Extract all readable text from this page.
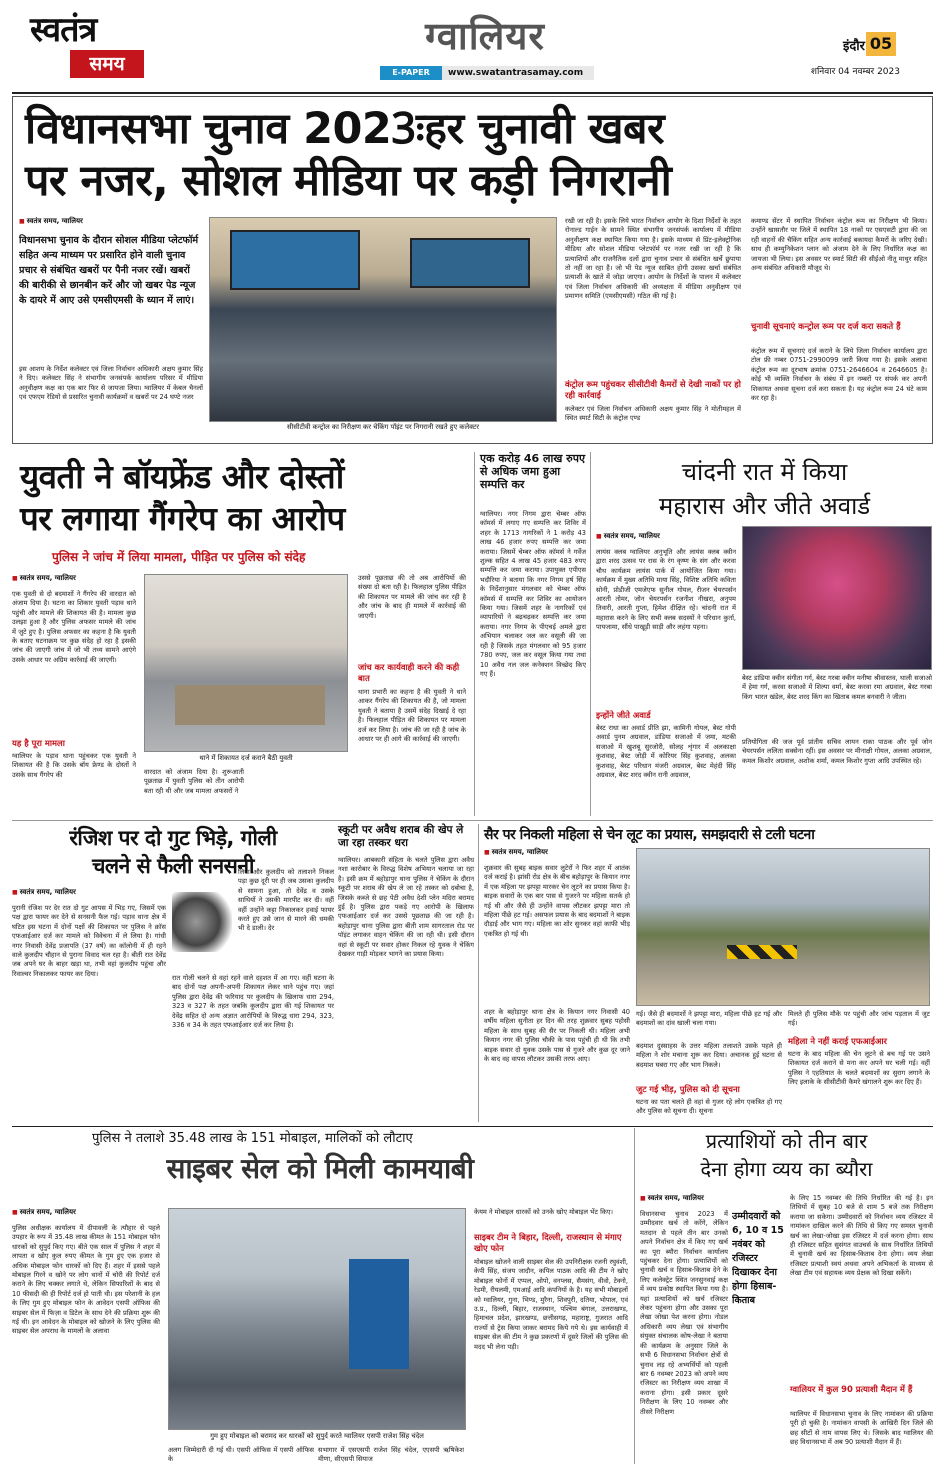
स्वतंत्र
समय
ग्वालियर
E-PAPER	www.swatantrasamay.com
इंदौर 05
शनिवार 04 नवम्बर 2023
विधानसभा चुनाव 2023ःहर चुनावी खबर
पर नजर, सोशल मीडिया पर कड़ी निगरानी
■ स्वतंत्र समय, ग्वालियर
विधानसभा चुनाव के दौरान सोशल मीडिया प्लेटफॉर्म सहित अन्य माध्यम पर प्रसारित होने वाली चुनाव प्रचार से संबंधित खबरों पर पैनी नजर रखें। खबरों की बारीकी से छानबीन करें और जो खबर पेड न्यूज के दायरे में आए उसे एमसीएमसी के ध्यान में लाएं।
इस आशय के निर्देश कलेक्टर एवं जिला निर्वाचन अधिकारी अक्षय कुमार सिंह ने दिए। कलेक्टर सिंह ने संभागीय जनसंपर्क कार्यालय परिसर में मीडिया अनुवीक्षण कक्ष का एक बार फिर से जायजा लिया। ग्वालियर में केबल चैनलों एवं एफएम रेडियो से प्रसारित चुनावी कार्यक्रमों व खबरों पर 24 घण्टे नजर
सीसीटीवी कन्ट्रोल का निरीक्षण कर चेकिंग पॉइंट पर निगरानी रखते हुए कलेक्टर
रखी जा रही है। इसके लिये भारत निर्वाचन आयोग के दिशा निर्देशों के तहत रोनाल्ड गाईन के सामने स्थित संभागीय जनसंपर्क कार्यालय में मीडिया अनुवीक्षण कक्ष स्थापित किया गया है। इसके माध्यम से प्रिंट-इलेक्ट्रोनिक मीडिया और सोशल मीडिया प्लेटफॉर्म पर नजर रखी जा रही है कि प्रत्याशियों और राजनैतिक दलों द्वारा चुनाव प्रचार से संबंधित खर्चे छुपाया तो नहीं जा रहा है। जो भी पेड न्यूज साबित होगी उसका खर्चा संबंधित प्रत्याशी के खाते में जोड़ा जाएगा। आयोग के निर्देशों के पालन में कलेक्टर एवं जिला निर्वाचन अधिकारी की अध्यक्षता में मीडिया अनुवीक्षण एवं प्रमाणन समिति (एमसीएमसी) गठित की गई है।
कंट्रोल रूम पहुंचकर सीसीटीवी कैमरों से देखी नाकों पर हो रही कार्रवाई
कलेक्टर एवं जिला निर्वाचन अधिकारी अक्षय कुमार सिंह ने मोतीमहल में स्थित स्मार्ट सिटी के कंट्रोल एण्ड
कमाण्ड सेंटर में स्थापित निर्वाचन कंट्रोल रूम का निरीक्षण भी किया। उन्होंने खासतौर पर जिले में स्थापित 18 नाकों पर एसएसटी द्वारा की जा रही वाहनों की चैकिंग सहित अन्य कार्रवाई बकायदा कैमरों के जरिए देखी। साथ ही कम्युनिकेशन प्लान को अंजाम देने के लिए निर्धारित कक्ष का जायजा भी लिया। इस अवसर पर स्मार्ट सिटी की सीईओ नीतू माथुर सहित अन्य संबंधित अधिकारी मौजूद थे।
चुनावी सूचनाएं कन्ट्रोल रूम पर दर्ज करा सकते हैं
कंट्रोल रूम में सूचनाएं दर्ज कराने के लिये जिला निर्वाचन कार्यालय द्वारा टोल फ्री नम्बर 0751-2990099 जारी किया गया है। इसके अलावा कंट्रोल रूम का दूरभाष क्रमांक 0751-2646604 व 2646605 है। कोई भी व्यक्ति निर्वाचन के संबंध में इन नम्बरों पर संपर्क कर अपनी शिकायत अथवा सूचना दर्ज करा सकता है। यह कंट्रोल रूम 24 घंटे काम कर रहा है।
युवती ने बॉयफ्रेंड और दोस्तों
पर लगाया गैंगरेप का आरोप
पुलिस ने जांच में लिया मामला, पीड़ित पर पुलिस को संदेह
■ स्वतंत्र समय, ग्वालियर
एक युवती से दो बदमाशों ने गैंगरेप की वारदात को अंजाम दिया है। घटना का शिकार युवती पड़ाव थाने पहुंची और मामले की शिकायत की है। मामला कुछ उलझा हुआ है और पुलिस अफसर मामले की जांच में जुटे हुए है। पुलिस अफसर का कहना है कि युवती के बताए घटनाक्रम पर कुछ संदेह हो रहा है इसकी जांच की जाएगी जांच में जो भी तथ्य सामने आएंगे उसके आधार पर अग्रिम कार्रवाई की जाएगी।
यह है पूरा मामला
ग्वालियर के पड़ाव थाना पहुंचकर एक युवती ने शिकायत की है कि उसके बॉय फ्रेण्ड के दोस्तों ने उसके साथ गैंगरेप की
थाने में शिकायत दर्ज कराने बैठी युवती
वारदात को अंजाम दिया है। शुरूआती पूछताछ में युवती पुलिस को तीन आरोपी बता रही थी और जब मामला अफसरों ने
उससे पूछताछ की तो अब आरोपियों की संख्या दो बता रही है। फिलहाल पुलिस पीड़ित की शिकायत पर मामले की जांच कर रही है और जांच के बाद ही मामले में कार्रवाई की जाएगी।
जांच कर कार्यवाही करने की कही बात
थाना प्रभारी का कहना है की युवती ने थाने आकर गैंगरेप की शिकायत की है, जो मामला युवती ने बताया है उसमें संदेह दिखाई दे रहा है। फिलहाल पीड़ित की शिकायत पर मामला दर्ज कर लिया है। जांच की जा रही है जांच के आधार पर ही आगे की कार्रवाई की जाएगी।
एक करोड़ 46 लाख रुपए से अधिक जमा हुआ सम्पत्ति कर
ग्वालियर। नगर निगम द्वारा चेम्बर ऑफ कॉमर्स में लगाए गए सम्पत्ति कर शिविर में शहर के 1713 नागरिकों ने 1 करोड़ 43 लाख 46 हजार रुपए सम्पत्ति कर जमा कराया। जिसमें चेम्बर ऑफ कॉमर्स ने गर्वेज शुल्क सहित 4 लाख 45 हजार 483 रुपए सम्पत्ति कर जमा कराया। उपायुक्त एपीएस भदौरिया ने बताया कि नगर निगम हर्ष सिंह के निर्देशानुसार मंगलवार को चेम्बर ऑफ कॉमर्स में सम्पत्ति कर शिविर का आयोजन किया गया। जिसमें शहर के नागरिकों एवं व्यापारियों ने बढ़चढ़कर सम्पत्ति कर जमा कराया। नगर निगम के पीएचई अमले द्वारा अभियान चलाकर जल कर वसूली की जा रही है जिसके तहत मंगलवार को 95 हजार 780 रुपए, जल कर वसूल किया गया तथा 10 अवैध नल जल कनेक्शन विच्छेद किए गए हैं।
चांदनी रात में किया
महारास और जीते अवार्ड
■ स्वतंत्र समय, ग्वालियर
लायंस क्लब ग्वालियर अनुभूति और लायंस क्लब क्वीन द्वारा शरद उत्सव पर रास के रंग कृष्ण के संग और करवा चौथ कार्यक्रम लायंस पार्क में आयोजित किया गया। कार्यक्रम में मुख्य अतिथि माया सिंह, विशिष्ट अतिथि कविता सोनी, प्रोडीजी एमजेएफ सुनील गोयल, रीजन चेयरपर्सन आरती तोमर, जोन चेयरपर्सन रजनीश नीखरा, अनुपम तिवारी, आरती गुप्ता, हिमेश दीक्षित रहे। चांदनी रात में महारास करने के लिए सभी क्लब सदस्यों ने परिधान कुर्ता, पायजामा, सौंधे पाखूड़ी साड़ी और लहंगा पहना।
इन्होंने जीते अवार्ड
बेस्ट राधा का अवार्ड प्रीति झा, कामिनी गोयल, बेस्ट गोपी अवार्ड पुनम अग्रवाल, डांडिया सजाओ में जमा, मटकी सजाओ में खुशबू सुरजोरी, सोलह शृंगार में अलकाक्षा कुशवाह, बेस्ट जोड़ी में कोरियर सिंह कुशवाह, अलका कुशवाह, बेस्ट परिधान मंजरी अग्रवाल, बेस्ट मेहंदी सिंह अग्रवाल, बेस्ट शरद क्वीन रानी अग्रवाल,
बेस्ट डांडिया क्वीन संगीता गर्ग, बेस्ट गरबा क्वीन मनीषा श्रीवास्तव, थाली सजाओ में हेमा गर्ग, करवा सजाओ में शिल्पा वर्मा, बेस्ट करवा रमा अग्रवाल, बेस्ट गरबा किंग भारत खंडेल, बेस्ट शरद किंग का खिताब कमल बनवारी ने जीता।
प्रतियोगिता की जज पूर्व प्रांतीय सचिव लायन राका पाठक और पूर्व जोन चेयरपर्सन ललिता सक्सेना रहीं। इस अवसर पर मीनाक्षी गोयल, अलका अग्रवाल, कमल किशोर अग्रवाल, अशोक शर्मा, कमल किशोर गुप्ता आदि उपस्थित रहे।
रंजिश पर दो गुट भिड़े, गोली
चलने से फैली सनसनी
■ स्वतंत्र समय, ग्वालियर
पुरानी रंजिश पर देर रात दो गुट आपस में भिड़ गए, जिसमें एक पक्ष द्वारा फायर कर देने से सनसनी फैल गई। पड़ाव थाना क्षेत्र में घटित इस घटना में दोनों पक्षों की शिकायत पर पुलिस ने क्रॉस एफआईआर दर्ज कर मामले को विवेचना में ले लिया है। गांधी नगर निवासी देवेंद्र प्रजापति (37 वर्ष) का कॉलोनी में ही रहने वाले कुलदीप चौहान से पुराना विवाद चल रहा है। बीती रात देवेंद्र जब अपने घर के बाहर खड़ा था, तभी वहां कुलदीप पहुंचा और रिवाल्वर निकालकर फायर कर दिया।
लिया और कुलदीप को तलाशने निकल पड़ा कुछ दूरी पर ही जब उसका कुलदीप से सामना हुआ, तो देवेंद्र व उसके साथियों ने उसकी मारपीट कर दी। वहीं वहीं उन्होंने कट्टा निकालकर हवाई फायर करते हुए उसे जान से मारने की धमकी भी दे डाली। देर
रात गोली चलने से वहां रहने वाले दहशत में आ गए। वहीं घटना के बाद दोनों पक्ष अपनी-अपनी शिकायत लेकर थाने पहुंच गए। जहां पुलिस द्वारा देवेंद्र की फरियाद पर कुलदीप के खिलाफ धारा 294, 323 व 327 के तहत जबकि कुलदीप द्वारा की गई शिकायत पर देवेंद्र सहित दो अन्य अज्ञात आरोपियों के विरुद्ध धारा 294, 323, 336 व 34 के तहत एफआईआर दर्ज कर लिया है।
स्कूटी पर अवैध शराब की खेप ले जा रहा तस्कर धरा
ग्वालियर। आबकारी संहिता के चलते पुलिस द्वारा अवैध नशा कारोबार के विरुद्ध विशेष अभियान चलाया जा रहा है। इसी क्रम में बहोड़ापुर थाना पुलिस ने चेकिंग के दौरान स्कूटी पर शराब की खेप ले जा रहे तस्कर को दबोचा है, जिसके कब्जे से छह पेटी अवैध देशी प्लेन मदिरा बरामद हुई है। पुलिस द्वारा पकड़े गए आरोपी के खिलाफ एफआईआर दर्ज कर उससे पूछताछ की जा रही है। बहोड़ापुर थाना पुलिस द्वारा बीती शाम सागरताल रोड पर पॉइंट लगाकर वाहन चेकिंग की जा रही थी। इसी दौरान वहां से स्कूटी पर सवार होकर निकल रहे युवक ने चेकिंग देखकर गाड़ी मोड़कर भागने का प्रयास किया।
सैर पर निकली महिला से चेन लूट का प्रयास, समझदारी से टली घटना
■ स्वतंत्र समय, ग्वालियर
शुक्रवार की सुबह बाइक सवार लुटेरों ने फिर शहर में आतंक दर्ज कराई है। झांसी रोड क्षेत्र के बीच बहोड़ापुर के कियान नगर में एक महिला पर झपट्टा मारकर चेन लूटने का प्रयास किया है। बाइक सवारों के एक बार पास से गुजरने पर महिला सतर्क हो गई थी और जैसे ही उन्होंने वापस लौटकर झपट्टा मारा तो महिला पीछे हट गई। असफल प्रयास के बाद बदमाशों ने बाइक दौड़ाई और भाग गए। महिला का शोर सुनकर वहां काफी भीड़ एकत्रित हो गई थी।
शहर के बहोड़ापुर थाना क्षेत्र के कियान नगर निवासी 40 वर्षीय महिला सुनीता हर दिन की तरह शुक्रवार सुबह पहोसी महिला के साथ सुबह की सैर पर निकली थी। महिला अभी कियान नगर की पुलिस चौकी के पास पहुंची ही थी कि तभी बाइक सवार दो युवक उसके पास से गुजरे और कुछ दूर जाने के बाद वह वापस लौटकर उसकी तरफ आए।
गई। जैसे ही बदमाशों ने झपट्टा मारा, महिला पीछे हट गई और बदमाशों का दांव खाली चला गया।
बदमाश दुस्साहस के उत्तर महिला तलाशते उसके पहले ही महिला ने शोर मचाना शुरू कर दिया। अचानक हुई घटना से बदमाश घबरा गए और भाग निकले।
जुट गई भीड़, पुलिस को दी सूचना
घटना का पता चलते ही वहां से गुजर रहे लोग एकत्रित हो गए और पुलिस को सूचना दी। सूचना
मिलते ही पुलिस मौके पर पहुंची और जांच पड़ताल में जुट गई।
महिला ने नहीं कराई एफआईआर
घटना के बाद महिला की चेन लूटने से बच गई पर उसने शिकायत दर्ज कराने से मना कर अपने घर चली गई। वहीं पुलिस ने एहतियात के चलते बदमाशों का सुराग लगाने के लिए इलाके के सीसीटीवी कैमरे खंगालने शुरू कर दिए हैं।
पुलिस ने तलाशे 35.48 लाख के 151 मोबाइल, मालिकों को लौटाए
साइबर सेल को मिली कामयाबी
■ स्वतंत्र समय, ग्वालियर
पुलिस अधीक्षक कार्यालय में दीपावली के त्यौहार से पहले उपहार के रूप में 35.48 लाख कीमत के 151 मोबाइल फोन धारकों को सुपुर्द किए गए। बीते एक साल में पुलिस ने शहर में लापता व खोए कुल रुपए कीमत के गुम हुए एक हजार से अधिक मोबाइल फोन धारकों को दिए हैं। शहर में इससे पहले मोबाइल गिरने व खोने पर लोग थानों में चोरी की रिपोर्ट दर्ज कराने के लिए चक्कर लगाते थे, लेकिन सिफारिशों के बाद से 10 फीसदी की ही रिपोर्ट दर्ज हो पाती थी। इस परेशानी के हल के लिए गुम हुए मोबाइल फोन के आवेदन एसपी ऑफिस की साइबर सेल में फिज़ा व डिटेल के साथ देने की प्रक्रिया शुरू की गई थी। इन आवेदन के मोबाइल को खोजने के लिए पुलिस की साइबर सेल अपराध के मामलों के अलावा
गुम हुए मोबाइल को बरामद कर धारकों को सुपुर्द करते ग्वालियर एसपी राजेश सिंह चंदेल
अलग जिम्मेदारी दी गई थी। एसपी ऑफिस में एसपी ऑफिस के
सभागार में एसएसपी राजेश सिंह चंदेल, एएसपी ऋषिकेश मीणा, सीएसपी सियाज
केयम ने मोबाइल धारकों को उनके खोए मोबाइल भेंट किए।
साइबर टीम ने बिहार, दिल्ली, राजस्थान से मंगाए खोए फोन
मोबाइल खोजने वाली साइबर सेल की उपनिरीक्षक रजनी रघुवंशी, केपी सिंह, संजय जादौन, कपिल पाठक आदि की टीम ने खोए मोबाइल फोनों में एप्पल, ओपो, वनप्लस, सैमसंग, वीवो, टेक्नो, रेडमी, रीयलमी, एमआई आदि कंपनियों के है। यह सभी मोबाइलों को ग्वालियर, गुना, भिण्ड, मुरैना, शिवपुरी, दतिया, भोपाल, एवं उ.प्र., दिल्ली, बिहार, राजस्थान, पश्चिम बंगाल, उत्तराखण्ड, हिमाचल प्रदेश, झारखण्ड, छत्तीसगढ़, महाराष्ट्र, गुजरात आदि राज्यों से ट्रेस किया जाकर बरामद किये गये थे। इस कार्यवाही में साइबर सेल की टीम ने कुछ प्रकरणों में दूसरे जिलों की पुलिस की मदद भी लेना पड़ी।
प्रत्याशियों को तीन बार
देना होगा व्यय का ब्यौरा
■ स्वतंत्र समय, ग्वालियर
विधानसभा चुनाव 2023 में उम्मीदवार खर्च तो करेंगे, लेकिन मतदान से पहले तीन बार उनको अपने निर्वाचन क्षेत्र में किए गए खर्च का पूरा ब्यौरा निर्वाचन कार्यालय पहुंचकर देना होगा। प्रत्याशियों को चुनावी खर्च व हिसाब-किताब देने के लिए कलेक्ट्रेट स्थित जनसुनवाई कक्ष में व्यय प्रकोष्ठ स्थापित किया गया है। यहां प्रत्याशियों को खर्च रजिस्टर लेकर पहुंचना होगा और उसका पूरा लेखा जोखा पेश करना होगा। नोडल अधिकारी व्यय लेखा एवं संभागीय संयुक्त संचालक कोष-लेखा ने बताया की कार्यक्रम के अनुसार जिले के सभी 6 विधानसभा निर्वाचन क्षेत्रों से चुनाव लड़ रहे अभ्यर्थियों को पहली बार 6 नवम्बर 2023 को अपने व्यय रजिस्टर का निरीक्षण व्यय शाखा में कराना होगा। इसी प्रकार दूसरे निरीक्षण के लिए 10 नवम्बर और तीसरे निरीक्षण
उम्मीदवारों को 6, 10 व 15 नवंबर को रजिस्टर दिखाकर देना होगा हिसाब-किताब
के लिए 15 नवम्बर की तिथि निर्धारित की गई है। इन तिथियों में सुबह 10 बजे से शाम 5 बजे तक निरीक्षण कराया जा सकेगा। उम्मीदवारों को निर्वाचन व्यय रजिस्टर में नामांकन दाखिल करने की तिथि से किए गए समस्त चुनावी खर्च का लेखा-जोखा इस रजिस्टर में दर्ज करना होगा। साथ ही रजिस्टर सहित सुसंगत वाउचर्स के साथ निर्धारित तिथियों में चुनावी खर्च का हिसाब-किताब देना होगा। व्यय लेखा रजिस्टर प्रत्याशी स्वयं अथवा अपने अभिकर्ता के माध्यम से लेखा टीम एवं सहायक व्यय प्रेक्षक को दिखा सकेंगे।
ग्वालियर में कुल 90 प्रत्याशी मैदान में हैं
ग्वालियर में विधानसभा चुनाव के लिए नामांकन की प्रक्रिया पूरी हो चुकी है। नामांकन वापसी के आखिरी दिन जिले की छह सीटों से नाम वापस लिए थे। जिसके बाद ग्वालियर की छह विधानसभा में अब 90 प्रत्याशी मैदान में हैं।
